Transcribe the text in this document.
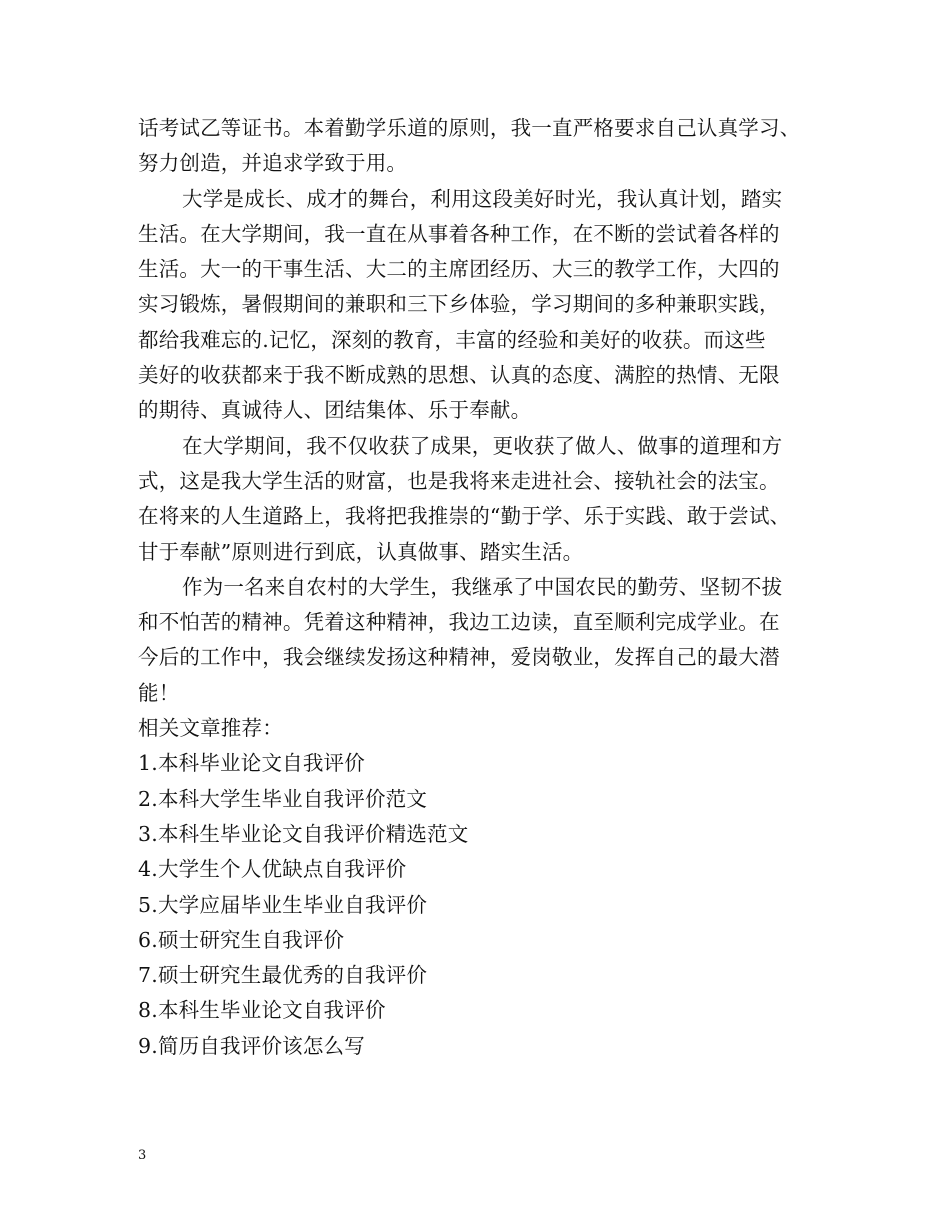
话考试乙等证书。本着勤学乐道的原则，我一直严格要求自己认真学习、
努力创造，并追求学致于用。
大学是成长、成才的舞台，利用这段美好时光，我认真计划，踏实
生活。在大学期间，我一直在从事着各种工作，在不断的尝试着各样的
生活。大一的干事生活、大二的主席团经历、大三的教学工作，大四的
实习锻炼，暑假期间的兼职和三下乡体验，学习期间的多种兼职实践，
都给我难忘的.记忆，深刻的教育，丰富的经验和美好的收获。而这些
美好的收获都来于我不断成熟的思想、认真的态度、满腔的热情、无限
的期待、真诚待人、团结集体、乐于奉献。
在大学期间，我不仅收获了成果，更收获了做人、做事的道理和方
式，这是我大学生活的财富，也是我将来走进社会、接轨社会的法宝。
在将来的人生道路上，我将把我推崇的“勤于学、乐于实践、敢于尝试、
甘于奉献”原则进行到底，认真做事、踏实生活。
作为一名来自农村的大学生，我继承了中国农民的勤劳、坚韧不拔
和不怕苦的精神。凭着这种精神，我边工边读，直至顺利完成学业。在
今后的工作中，我会继续发扬这种精神，爱岗敬业，发挥自己的最大潜
能！
相关文章推荐：
1.本科毕业论文自我评价
2.本科大学生毕业自我评价范文
3.本科生毕业论文自我评价精选范文
4.大学生个人优缺点自我评价
5.大学应届毕业生毕业自我评价
6.硕士研究生自我评价
7.硕士研究生最优秀的自我评价
8.本科生毕业论文自我评价
9.简历自我评价该怎么写
3
